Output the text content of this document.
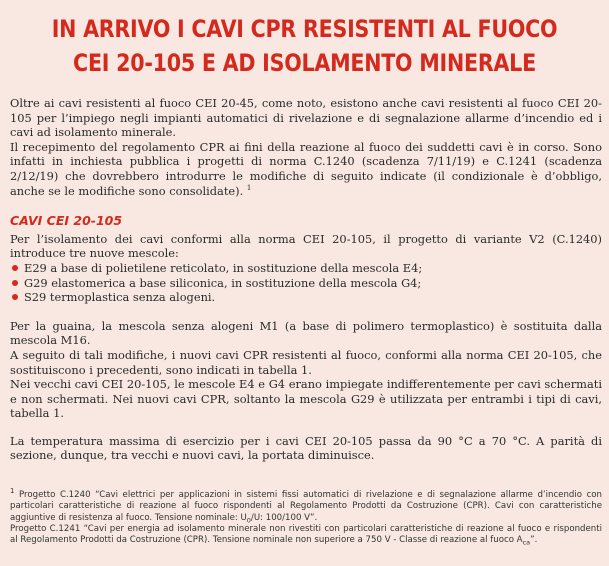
IN ARRIVO I CAVI CPR RESISTENTI AL FUOCO
CEI 20-105 E AD ISOLAMENTO MINERALE

Oltre ai cavi resistenti al fuoco CEI 20-45, come noto, esistono anche cavi resistenti al fuoco CEI 20-105 per l’impiego negli impianti automatici di rivelazione e di segnalazione allarme d’incendio ed i cavi ad isolamento minerale.

Il recepimento del regolamento CPR ai fini della reazione al fuoco dei suddetti cavi è in corso. Sono infatti in inchiesta pubblica i progetti di norma C.1240 (scadenza 7/11/19) e C.1241 (scadenza 2/12/19) che dovrebbero introdurre le modifiche di seguito indicate (il condizionale è d’obbligo, anche se le modifiche sono consolidate). $^1$

CAVI CEI 20-105

Per l’isolamento dei cavi conformi alla norma CEI 20-105, il progetto di variante V2 (C.1240) introduce tre nuove mescole:

E29 a base di polietilene reticolato, in sostituzione della mescola E4;
G29 elastomerica a base siliconica, in sostituzione della mescola G4;
S29 termoplastica senza alogeni.

Per la guaina, la mescola senza alogeni M1 (a base di polimero termoplastico) è sostituita dalla mescola M16.

A seguito di tali modifiche, i nuovi cavi CPR resistenti al fuoco, conformi alla norma CEI 20-105, che sostituiscono i precedenti, sono indicati in tabella 1.

Nei vecchi cavi CEI 20-105, le mescole E4 e G4 erano impiegate indifferentemente per cavi schermati e non schermati. Nei nuovi cavi CPR, soltanto la mescola G29 è utilizzata per entrambi i tipi di cavi, tabella 1.

La temperatura massima di esercizio per i cavi CEI 20-105 passa da 90 °C a 70 °C. A parità di sezione, dunque, tra vecchi e nuovi cavi, la portata diminuisce.

$^1$ Progetto C.1240 “Cavi elettrici per applicazioni in sistemi fissi automatici di rivelazione e di segnalazione allarme d’incendio con particolari caratteristiche di reazione al fuoco rispondenti al Regolamento Prodotti da Costruzione (CPR). Cavi con caratteristiche aggiuntive di resistenza al fuoco. Tensione nominale: $U_0/U$: 100/100 V”.

Progetto C.1241 “Cavi per energia ad isolamento minerale non rivestiti con particolari caratteristiche di reazione al fuoco e rispondenti al Regolamento Prodotti da Costruzione (CPR). Tensione nominale non superiore a 750 V - Classe di reazione al fuoco $A_{ca}$”.
